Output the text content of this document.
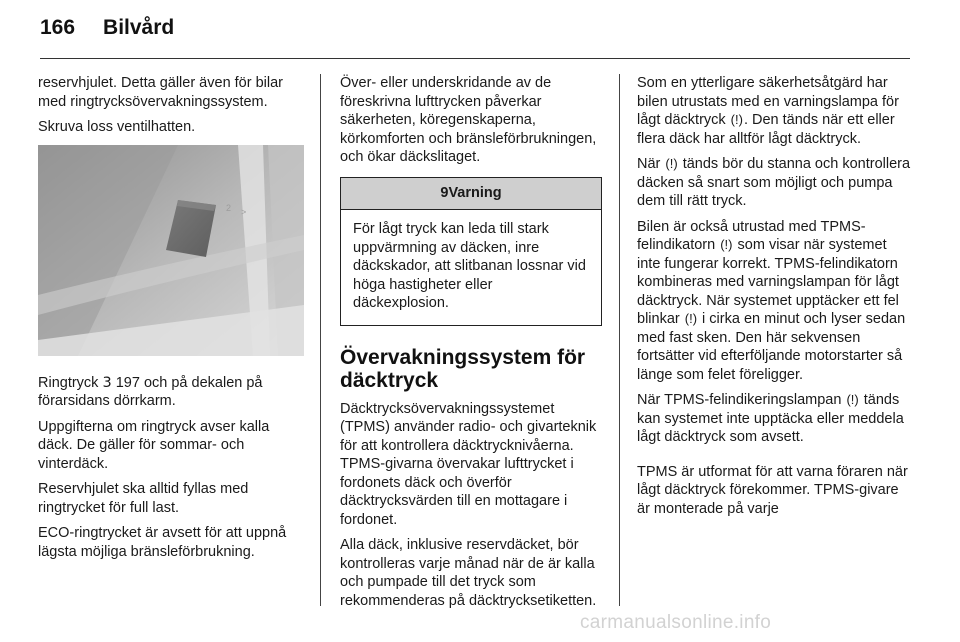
166 Bilvård

reservhjulet. Detta gäller även för bilar med ringtrycksövervakningssystem.

Skruva loss ventilhatten.

2 >

Ringtryck 3 197 och på dekalen på förarsidans dörrkarm.

Uppgifterna om ringtryck avser kalla däck. De gäller för sommar- och vinterdäck.

Reservhjulet ska alltid fyllas med ringtrycket för full last.

ECO-ringtrycket är avsett för att uppnå lägsta möjliga bränsleförbrukning.

Över- eller underskridande av de föreskrivna lufttrycken påverkar säkerheten, köregenskaperna, körkomforten och bränsleförbrukningen, och ökar däckslitaget.

9Varning
För lågt tryck kan leda till stark uppvärmning av däcken, inre däckskador, att slitbanan lossnar vid höga hastigheter eller däckexplosion.
Övervakningssystem för däcktryck

Däcktrycksövervakningssystemet (TPMS) använder radio- och givarteknik för att kontrollera däcktrycknivåerna. TPMS-givarna övervakar lufttrycket i fordonets däck och överför däcktrycksvärden till en mottagare i fordonet.

Alla däck, inklusive reservdäcket, bör kontrolleras varje månad när de är kalla och pumpade till det tryck som rekommenderas på däcktrycksetiketten.

Som en ytterligare säkerhetsåtgärd har bilen utrustats med en varningslampa för lågt däcktryck (!). Den tänds när ett eller flera däck har alltför lågt däcktryck.

När (!) tänds bör du stanna och kontrollera däcken så snart som möjligt och pumpa dem till rätt tryck.

Bilen är också utrustad med TPMS-felindikatorn (!) som visar när systemet inte fungerar korrekt. TPMS-felindikatorn kombineras med varningslampan för lågt däcktryck. När systemet upptäcker ett fel blinkar (!) i cirka en minut och lyser sedan med fast sken. Den här sekvensen fortsätter vid efterföljande motorstarter så länge som felet föreligger.

När TPMS-felindikeringslampan (!) tänds kan systemet inte upptäcka eller meddela lågt däcktryck som avsett.

TPMS är utformat för att varna föraren när lågt däcktryck förekommer. TPMS-givare är monterade på varje

carmanualsonline.info
